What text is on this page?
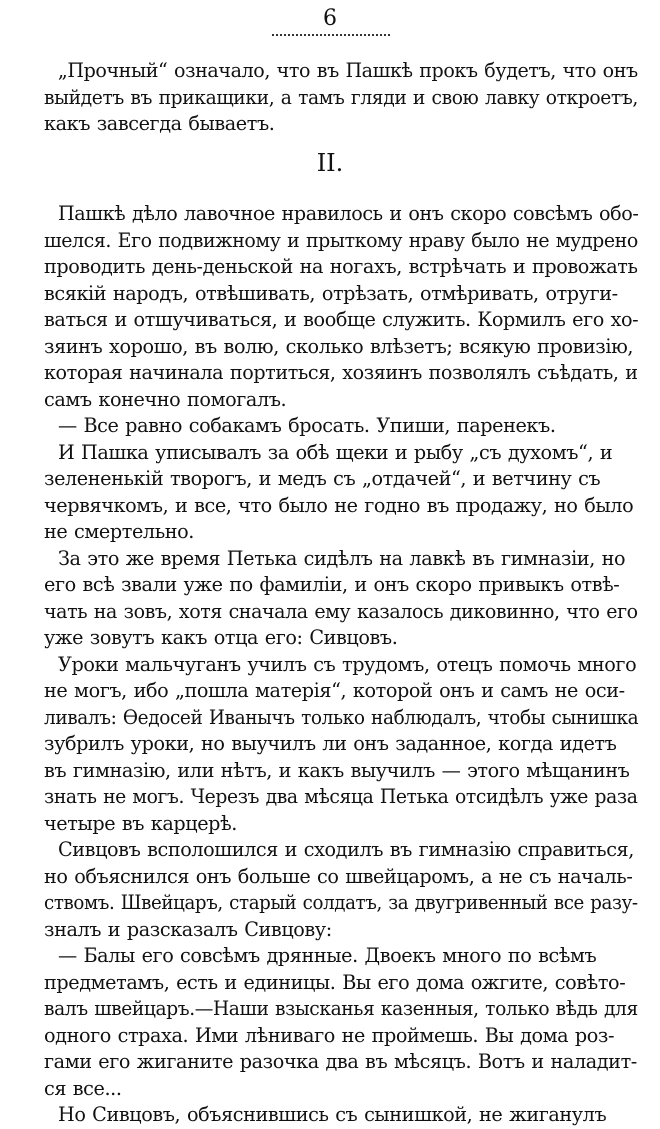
6
„Прочный“ означало, что въ Пашкѣ прокъ будетъ, что онъ
выйдетъ въ прикащики, а тамъ гляди и свою лавку откроетъ,
какъ завсегда бываетъ.
II.
Пашкѣ дѣло лавочное нравилось и онъ скоро совсѣмъ обо-
шелся. Его подвижному и прыткому нраву было не мудрено
проводить день-деньской на ногахъ, встрѣчать и провожать
всякій народъ, отвѣшивать, отрѣзать, отмѣривать, отруги-
ваться и отшучиваться, и вообще служить. Кормилъ его хо-
зяинъ хорошо, въ волю, сколько влѣзетъ; всякую провизію,
которая начинала портиться, хозяинъ позволялъ съѣдать, и
самъ конечно помогалъ.
— Все равно собакамъ бросать. Упиши, паренекъ.
И Пашка уписывалъ за обѣ щеки и рыбу „съ духомъ“, и
зелененькій творогъ, и медъ съ „отдачей“, и ветчину съ
червячкомъ, и все, что было не годно въ продажу, но было
не смертельно.
За это же время Петька сидѣлъ на лавкѣ въ гимназіи, но
его всѣ звали уже по фамиліи, и онъ скоро привыкъ отвѣ-
чать на зовъ, хотя сначала ему казалось диковинно, что его
уже зовутъ какъ отца его: Сивцовъ.
Уроки мальчуганъ училъ съ трудомъ, отецъ помочь много
не могъ, ибо „пошла матерія“, которой онъ и самъ не оси-
ливалъ: Ѳедосей Иванычъ только наблюдалъ, чтобы сынишка
зубрилъ уроки, но выучилъ ли онъ заданное, когда идетъ
въ гимназію, или нѣтъ, и какъ выучилъ — этого мѣщанинъ
знать не могъ. Черезъ два мѣсяца Петька отсидѣлъ уже раза
четыре въ карцерѣ.
Сивцовъ всполошился и сходилъ въ гимназію справиться,
но объяснился онъ больше со швейцаромъ, а не съ началь-
ствомъ. Швейцаръ, старый солдатъ, за двугривенный все разу-
зналъ и разсказалъ Сивцову:
— Балы его совсѣмъ дрянные. Двоекъ много по всѣмъ
предметамъ, есть и единицы. Вы его дома ожгите, совѣто-
валъ швейцаръ.—Наши взысканья казенныя, только вѣдь для
одного страха. Ими лѣниваго не проймешь. Вы дома роз-
гами его жиганите разочка два въ мѣсяцъ. Вотъ и наладит-
ся все...
Но Сивцовъ, объяснившись съ сынишкой, не жиганулъ
